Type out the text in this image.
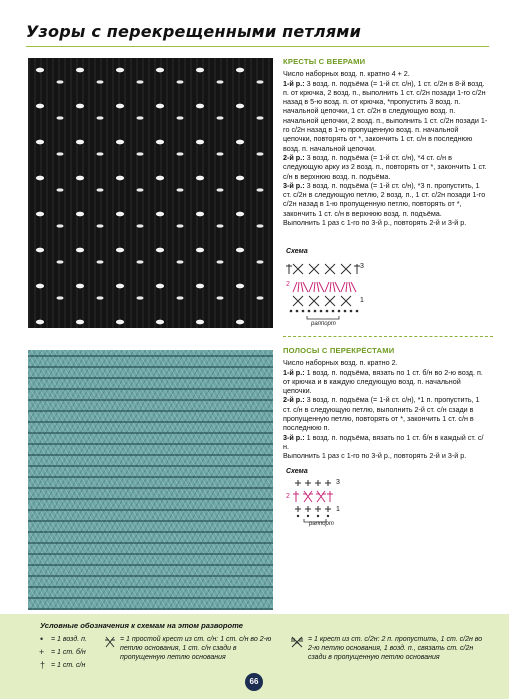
Узоры с перекрещенными петлями

КРЕСТЫ С ВЕЕРАМИ

Число наборных возд. п. кратно 4 + 2.

1-й р.: 3 возд. п. подъёма (= 1-й ст. с/н), 1 ст. с/2н в 8-й возд. п. от крючка, 2 возд. п., выполнить 1 ст. с/2н позади 1-го с/2н назад в 5-ю возд. п. от крючка, *пропустить 3 возд. п. начальной цепочки, 1 ст. с/2н в следующую возд. п. начальной цепочки, 2 возд. п., выполнить 1 ст. с/2н позади 1-го с/2н назад в 1-ю пропущенную возд. п. начальной цепочки, повторять от *, закончить 1 ст. с/н в последнюю возд. п. начальной цепочки.

2-й р.: 3 возд. п. подъёма (= 1-й ст. с/н), *4 ст. с/н в следующую арку из 2 возд. п., повторять от *, закончить 1 ст. с/н в верхнюю возд. п. подъёма.

3-й р.: 3 возд. п. подъёма (= 1-й ст. с/н), *3 п. пропустить, 1 ст. с/2н в следующую петлю, 2 возд. п., 1 ст. с/2н позади 1-го с/2н назад в 1-ю пропущенную петлю, повторять от *, закончить 1 ст. с/н в верхнюю возд. п. подъёма.

Выполнить 1 раз с 1-го по 3-й р., повторять 2-й и 3-й р.

Схема
3
2
1
раппорт

ПОЛОСЫ С ПЕРЕКРЁСТАМИ

Число наборных возд. п. кратно 2.

1-й р.: 1 возд. п. подъёма, вязать по 1 ст. б/н во 2-ю возд. п. от крючка и в каждую следующую возд. п. начальной цепочки.

2-й р.: 3 возд. п. подъёма (= 1-й ст. с/н), *1 п. пропустить, 1 ст. с/н в следующую петлю, выполнить 2-й ст. с/н сзади в пропущенную петлю, повторять от *, закончить 1 ст. с/н в последнюю п.

3-й р.: 1 возд. п. подъёма, вязать по 1 ст. б/н в каждый ст. с/н.

Выполнить 1 раз с 1-го по 3-й р., повторять 2-й и 3-й р.

Схема
3
2
1
раппорт
Условные обозначения к схемам на этом развороте
• = 1 возд. п.
+ = 1 ст. б/н
† = 1 ст. с/н
= 1 простой крест из ст. с/н: 1 ст. с/н во 2-ю петлю основания, 1 ст. с/н сзади в пропущенную петлю основания
= 1 крест из ст. с/2н: 2 п. пропустить, 1 ст. с/2н во 2-ю петлю основания, 1 возд. п., связать ст. с/2н сзади в пропущенную петлю основания
66
